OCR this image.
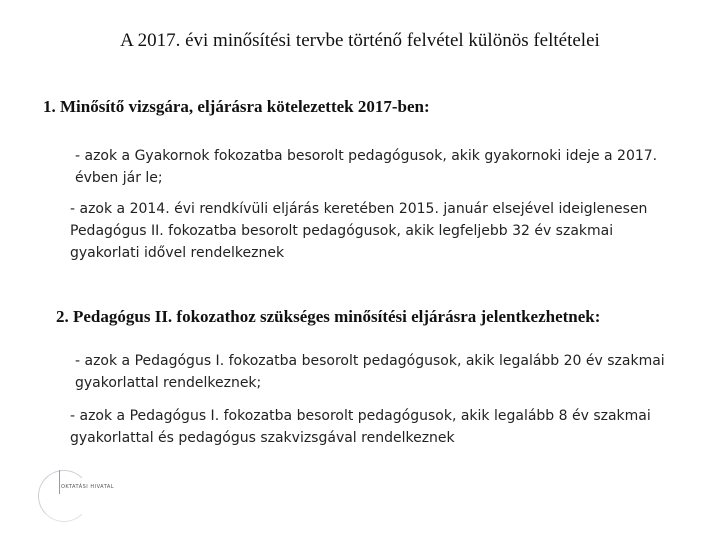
A 2017. évi minősítési tervbe történő felvétel különös feltételei
1. Minősítő vizsgára, eljárásra kötelezettek 2017-ben:
- azok a Gyakornok fokozatba besorolt pedagógusok, akik gyakornoki ideje a 2017. évben jár le;
- azok a 2014. évi rendkívüli eljárás keretében 2015. január elsejével ideiglenesen Pedagógus II. fokozatba besorolt pedagógusok, akik legfeljebb 32 év szakmai gyakorlati idővel rendelkeznek
2. Pedagógus II. fokozathoz szükséges minősítési eljárásra jelentkezhetnek:
- azok a Pedagógus I. fokozatba besorolt pedagógusok, akik legalább 20 év szakmai gyakorlattal rendelkeznek;
- azok a Pedagógus I. fokozatba besorolt pedagógusok, akik legalább 8 év szakmai gyakorlattal és pedagógus szakvizsgával rendelkeznek
OKTATÁSI HIVATAL
